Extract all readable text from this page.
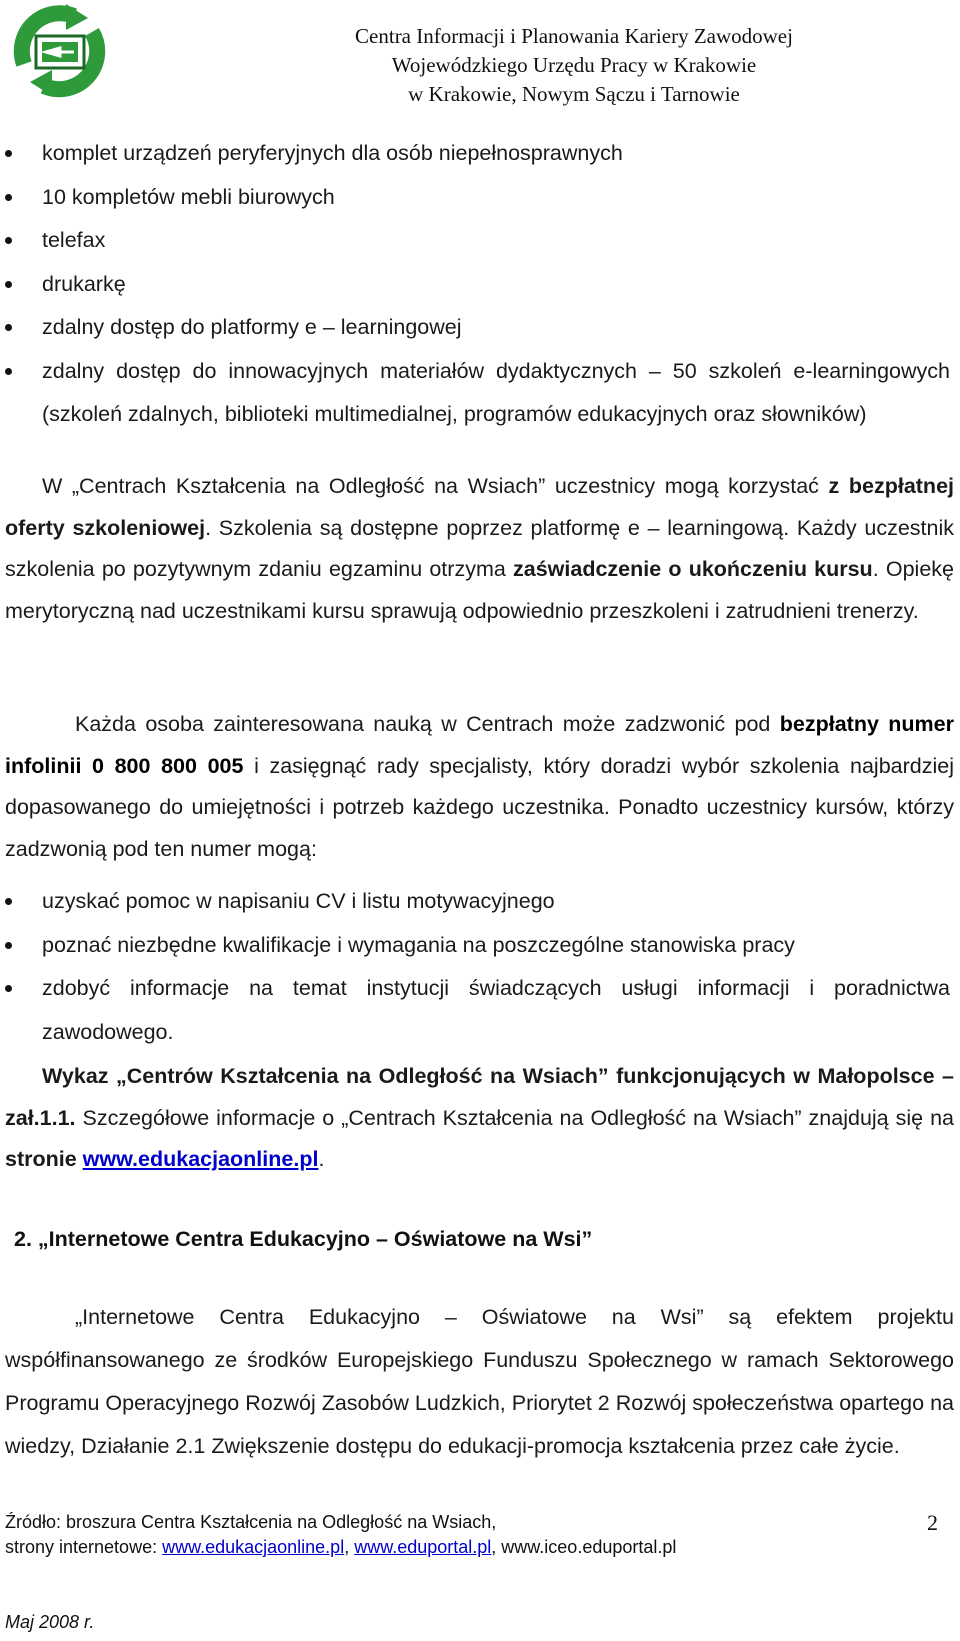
Centra Informacji i Planowania Kariery Zawodowej
Wojewódzkiego Urzędu Pracy w Krakowie
w Krakowie, Nowym Sączu i Tarnowie
komplet urządzeń peryferyjnych dla osób niepełnosprawnych
10 kompletów mebli biurowych
telefax
drukarkę
zdalny dostęp do platformy e – learningowej
zdalny dostęp do innowacyjnych materiałów dydaktycznych – 50 szkoleń e-learningowych (szkoleń zdalnych, biblioteki multimedialnej, programów edukacyjnych oraz słowników)

W „Centrach Kształcenia na Odległość na Wsiach” uczestnicy mogą korzystać z bezpłatnej oferty szkoleniowej. Szkolenia są dostępne poprzez platformę e – learningową. Każdy uczestnik szkolenia po pozytywnym zdaniu egzaminu otrzyma zaświadczenie o ukończeniu kursu. Opiekę merytoryczną nad uczestnikami kursu sprawują odpowiednio przeszkoleni i zatrudnieni trenerzy.

Każda osoba zainteresowana nauką w Centrach może zadzwonić pod bezpłatny numer infolinii 0 800 800 005 i zasięgnąć rady specjalisty, który doradzi wybór szkolenia najbardziej dopasowanego do umiejętności i potrzeb każdego uczestnika. Ponadto uczestnicy kursów, którzy zadzwonią pod ten numer mogą:

uzyskać pomoc w napisaniu CV i listu motywacyjnego
poznać niezbędne kwalifikacje i wymagania na poszczególne stanowiska pracy
zdobyć informacje na temat instytucji świadczących usługi informacji i poradnictwa zawodowego.

Wykaz „Centrów Kształcenia na Odległość na Wsiach” funkcjonujących w Małopolsce – zał.1.1. Szczegółowe informacje o „Centrach Kształcenia na Odległość na Wsiach” znajdują się na stronie www.edukacjaonline.pl.

2. „Internetowe Centra Edukacyjno – Oświatowe na Wsi”

„Internetowe Centra Edukacyjno – Oświatowe na Wsi” są efektem projektu współfinansowanego ze środków Europejskiego Funduszu Społecznego w ramach Sektorowego Programu Operacyjnego Rozwój Zasobów Ludzkich, Priorytet 2 Rozwój społeczeństwa opartego na wiedzy, Działanie 2.1 Zwiększenie dostępu do edukacji-promocja kształcenia przez całe życie.

Źródło: broszura Centra Kształcenia na Odległość na Wsiach,
strony internetowe: www.edukacjaonline.pl, www.eduportal.pl, www.iceo.eduportal.pl
2
Maj 2008 r.
